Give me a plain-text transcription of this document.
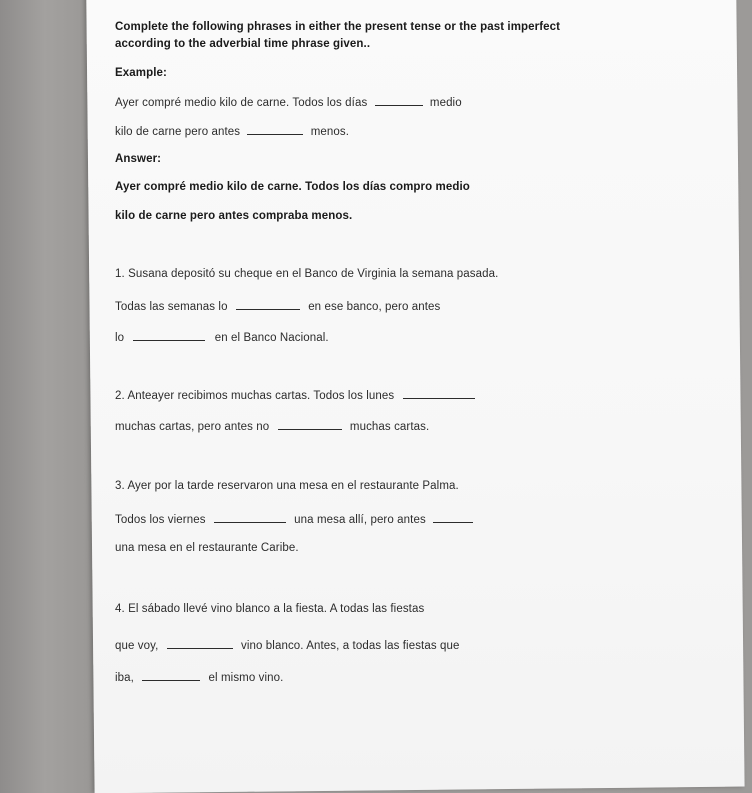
Complete the following phrases in either the present tense or the past imperfect
according to the adverbial time phrase given..
Example:
Ayer compré medio kilo de carne. Todos los días	medio
kilo de carne pero antes	menos.
Answer:
Ayer compré medio kilo de carne. Todos los días compro medio
kilo de carne pero antes compraba menos.
1. Susana depositó su cheque en el Banco de Virginia la semana pasada.
Todas las semanas lo	en ese banco, pero antes
lo	en el Banco Nacional.
2. Anteayer recibimos muchas cartas. Todos los lunes
muchas cartas, pero antes no	muchas cartas.
3. Ayer por la tarde reservaron una mesa en el restaurante Palma.
Todos los viernes	una mesa allí, pero antes
una mesa en el restaurante Caribe.
4. El sábado llevé vino blanco a la fiesta. A todas las fiestas
que voy,	vino blanco. Antes, a todas las fiestas que
iba,	el mismo vino.
